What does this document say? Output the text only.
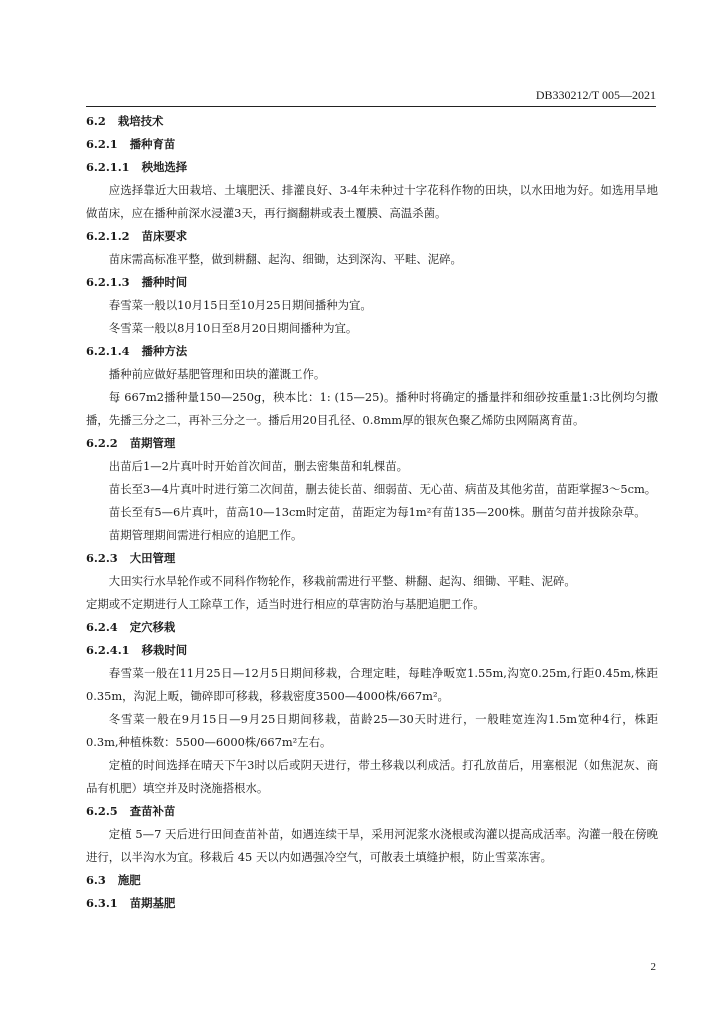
DB330212/T 005—2021
6.2 栽培技术
6.2.1 播种育苗
6.2.1.1 秧地选择
应选择靠近大田栽培、土壤肥沃、排灌良好、3-4年未种过十字花科作物的田块，以水田地为好。如选用旱地做苗床，应在播种前深水浸灌3天，再行搁翻耕或表土覆膜、高温杀菌。
6.2.1.2 苗床要求
苗床需高标准平整，做到耕翻、起沟、细锄，达到深沟、平畦、泥碎。
6.2.1.3 播种时间
春雪菜一般以10月15日至10月25日期间播种为宜。
冬雪菜一般以8月10日至8月20日期间播种为宜。
6.2.1.4 播种方法
播种前应做好基肥管理和田块的灌溉工作。
每 667m2播种量150—250g，秧本比：1: (15—25)。播种时将确定的播量拌和细砂按重量1:3比例均匀撒播，先播三分之二，再补三分之一。播后用20目孔径、0.8mm厚的银灰色聚乙烯防虫网隔离育苗。
6.2.2 苗期管理
出苗后1—2片真叶时开始首次间苗，删去密集苗和轧棵苗。
苗长至3—4片真叶时进行第二次间苗，删去徒长苗、细弱苗、无心苗、病苗及其他劣苗，苗距掌握3～5cm。
苗长至有5—6片真叶，苗高10—13cm时定苗，苗距定为每1m²有苗135—200株。删苗匀苗并拔除杂草。
苗期管理期间需进行相应的追肥工作。
6.2.3 大田管理
大田实行水旱轮作或不同科作物轮作，移栽前需进行平整、耕翻、起沟、细锄、平畦、泥碎。
定期或不定期进行人工除草工作，适当时进行相应的草害防治与基肥追肥工作。
6.2.4 定穴移栽
6.2.4.1 移栽时间
春雪菜一般在11月25日—12月5日期间移栽，合理定畦，每畦净畈宽1.55m,沟宽0.25m,行距0.45m,株距0.35m，沟泥上畈，锄碎即可移栽，移栽密度3500—4000株/667m²。
冬雪菜一般在9月15日—9月25日期间移栽，苗龄25—30天时进行，一般畦宽连沟1.5m宽种4行，株距0.3m,种植株数：5500—6000株/667m²左右。
定植的时间选择在晴天下午3时以后或阴天进行，带土移栽以利成活。打孔放苗后，用塞根泥（如焦泥灰、商品有机肥）填空并及时浇施搭根水。
6.2.5 查苗补苗
定植 5—7 天后进行田间查苗补苗，如遇连续干旱，采用河泥浆水浇根或沟灌以提高成活率。沟灌一般在傍晚进行，以半沟水为宜。移栽后 45 天以内如遇强冷空气，可散表土填缝护根，防止雪菜冻害。
6.3 施肥
6.3.1 苗期基肥
2
